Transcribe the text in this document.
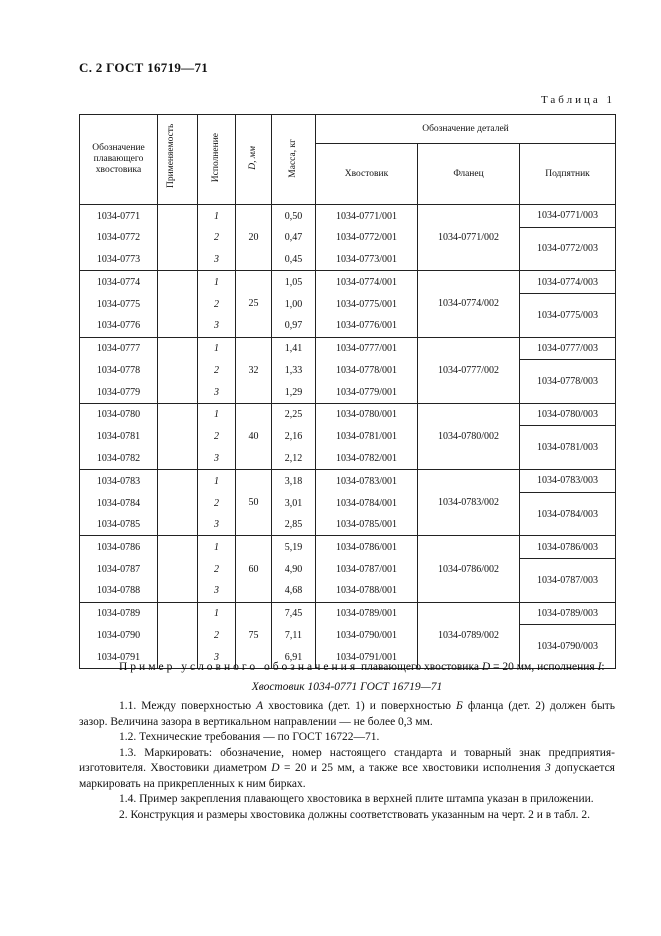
С. 2 ГОСТ 16719—71
Таблица 1
Обозначение
плавающего
хвостовика	Применяемость	Исполнение	D, мм	Масса, кг	Обозначение деталей		
					Хвостовик	Фланец	Подпятник
1034-0771		1	20	0,50	1034-0771/001	1034-0771/002	1034-0771/003
1034-0772		2		0,47	1034-0772/001		1034-0772/003
1034-0773		3		0,45	1034-0773/001		
1034-0774		1	25	1,05	1034-0774/001	1034-0774/002	1034-0774/003
1034-0775		2		1,00	1034-0775/001		1034-0775/003
1034-0776		3		0,97	1034-0776/001		
1034-0777		1	32	1,41	1034-0777/001	1034-0777/002	1034-0777/003
1034-0778		2		1,33	1034-0778/001		1034-0778/003
1034-0779		3		1,29	1034-0779/001		
1034-0780		1	40	2,25	1034-0780/001	1034-0780/002	1034-0780/003
1034-0781		2		2,16	1034-0781/001		1034-0781/003
1034-0782		3		2,12	1034-0782/001		
1034-0783		1	50	3,18	1034-0783/001	1034-0783/002	1034-0783/003
1034-0784		2		3,01	1034-0784/001		1034-0784/003
1034-0785		3		2,85	1034-0785/001		
1034-0786		1	60	5,19	1034-0786/001	1034-0786/002	1034-0786/003
1034-0787		2		4,90	1034-0787/001		1034-0787/003
1034-0788		3		4,68	1034-0788/001		
1034-0789		1	75	7,45	1034-0789/001	1034-0789/002	1034-0789/003
1034-0790		2		7,11	1034-0790/001		1034-0790/003
1034-0791		3		6,91	1034-0791/001		

Пример условного обозначения плавающего хвостовика D = 20 мм, исполнения I:

Хвостовик 1034-0771 ГОСТ 16719—71

1.1. Между поверхностью А хвостовика (дет. 1) и поверхностью Б фланца (дет. 2) должен быть зазор. Величина зазора в вертикальном направлении — не более 0,3 мм.

1.2. Технические требования — по ГОСТ 16722—71.

1.3. Маркировать: обозначение, номер настоящего стандарта и товарный знак предприятия-изготовителя. Хвостовики диаметром D = 20 и 25 мм, а также все хвостовики исполнения 3 допускается маркировать на прикрепленных к ним бирках.

1.4. Пример закрепления плавающего хвостовика в верхней плите штампа указан в приложении.

2. Конструкция и размеры хвостовика должны соответствовать указанным на черт. 2 и в табл. 2.
